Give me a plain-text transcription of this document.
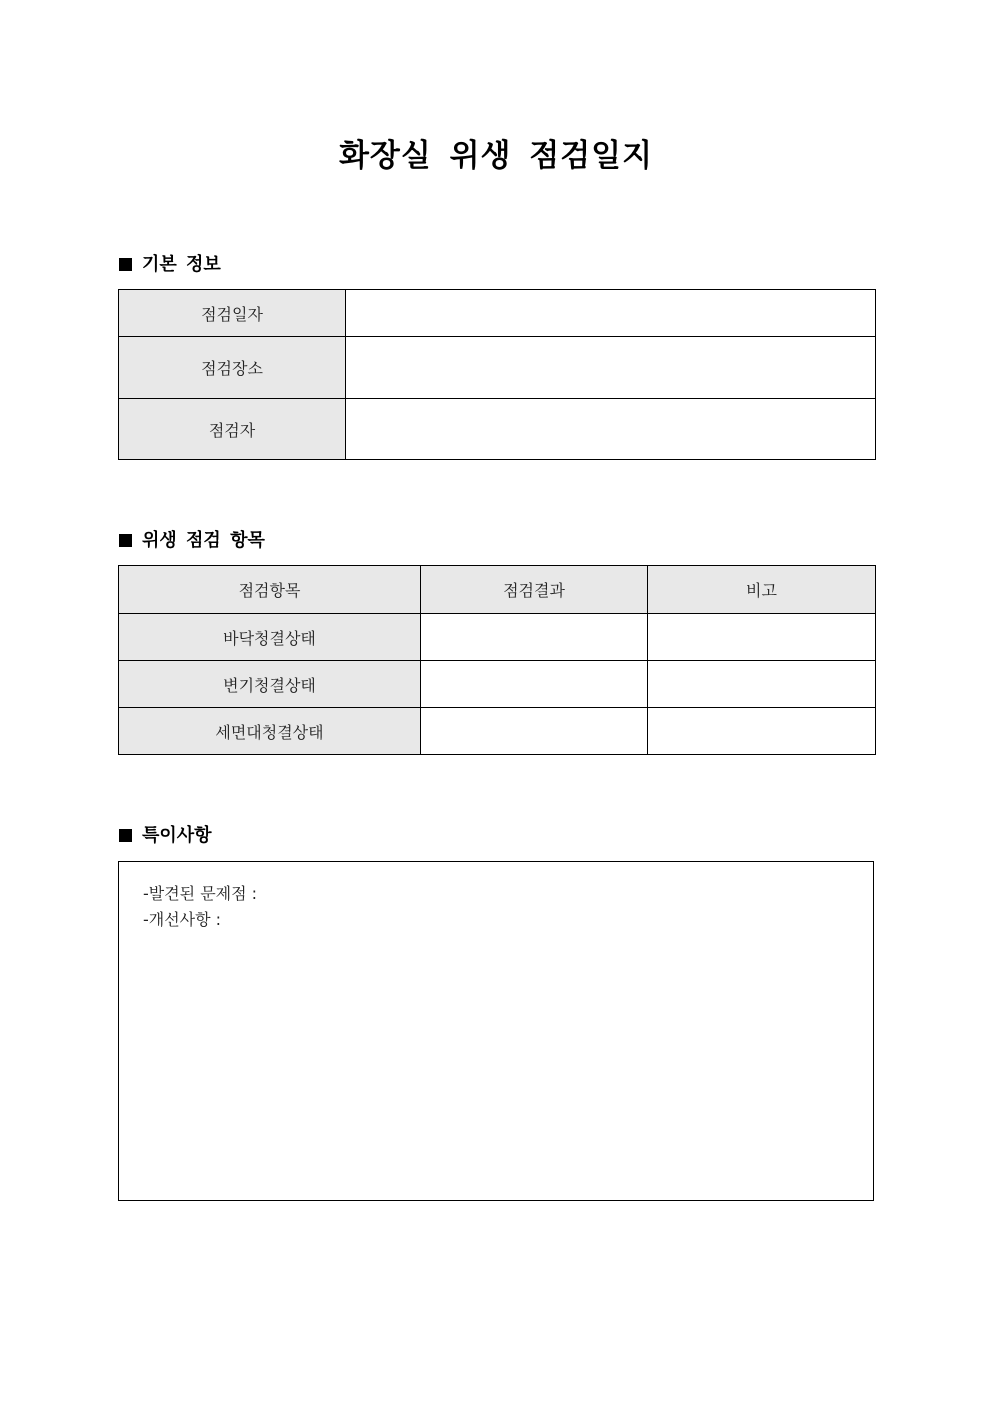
화장실 위생 점검일지
기본 정보
점검일자	
점검장소	
점검자	
위생 점검 항목
점검항목	점검결과	비고
바닥청결상태		
변기청결상태		
세면대청결상태		
특이사항
-발견된 문제점 :
-개선사항 :
